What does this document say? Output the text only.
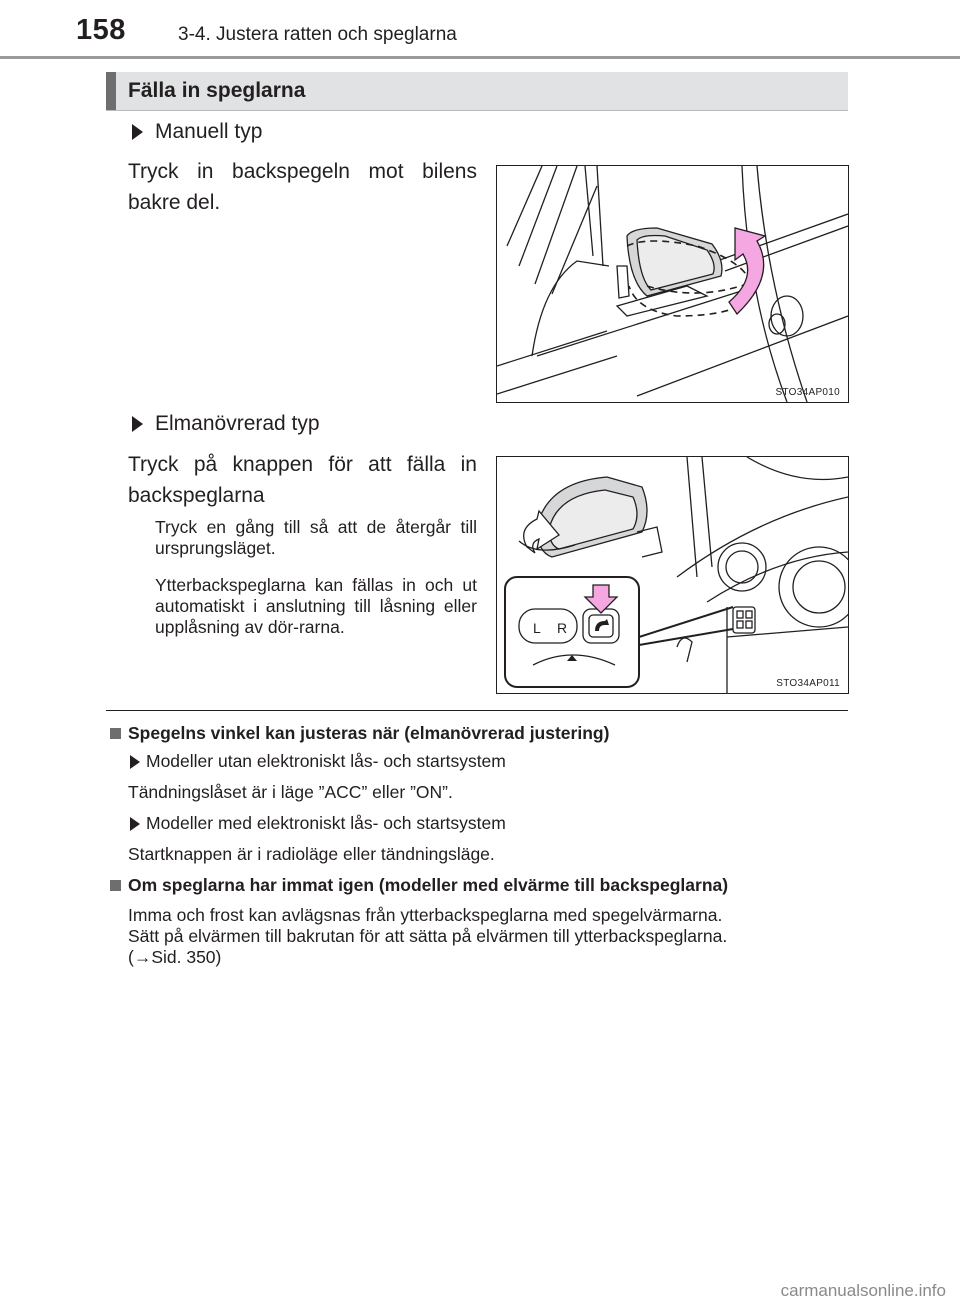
158	3-4. Justera ratten och speglarna
Fälla in speglarna
Manuell typ
Tryck in backspegeln mot bilens bakre del.
STO34AP010
Elmanövrerad typ
Tryck på knappen för att fälla in backspeglarna
Tryck en gång till så att de återgår till ursprungsläget.
Ytterbackspeglarna kan fällas in och ut automatiskt i anslutning till låsning eller upplåsning av dör-rarna.	L R
STO34AP011
Spegelns vinkel kan justeras när (elmanövrerad justering)
Modeller utan elektroniskt lås- och startsystem
Tändningslåset är i läge ”ACC” eller ”ON”.
Modeller med elektroniskt lås- och startsystem
Startknappen är i radioläge eller tändningsläge.
Om speglarna har immat igen (modeller med elvärme till backspeglarna)
Imma och frost kan avlägsnas från ytterbackspeglarna med spegelvärmarna.
Sätt på elvärmen till bakrutan för att sätta på elvärmen till ytterbackspeglarna.
(→Sid. 350)
carmanualsonline.info
